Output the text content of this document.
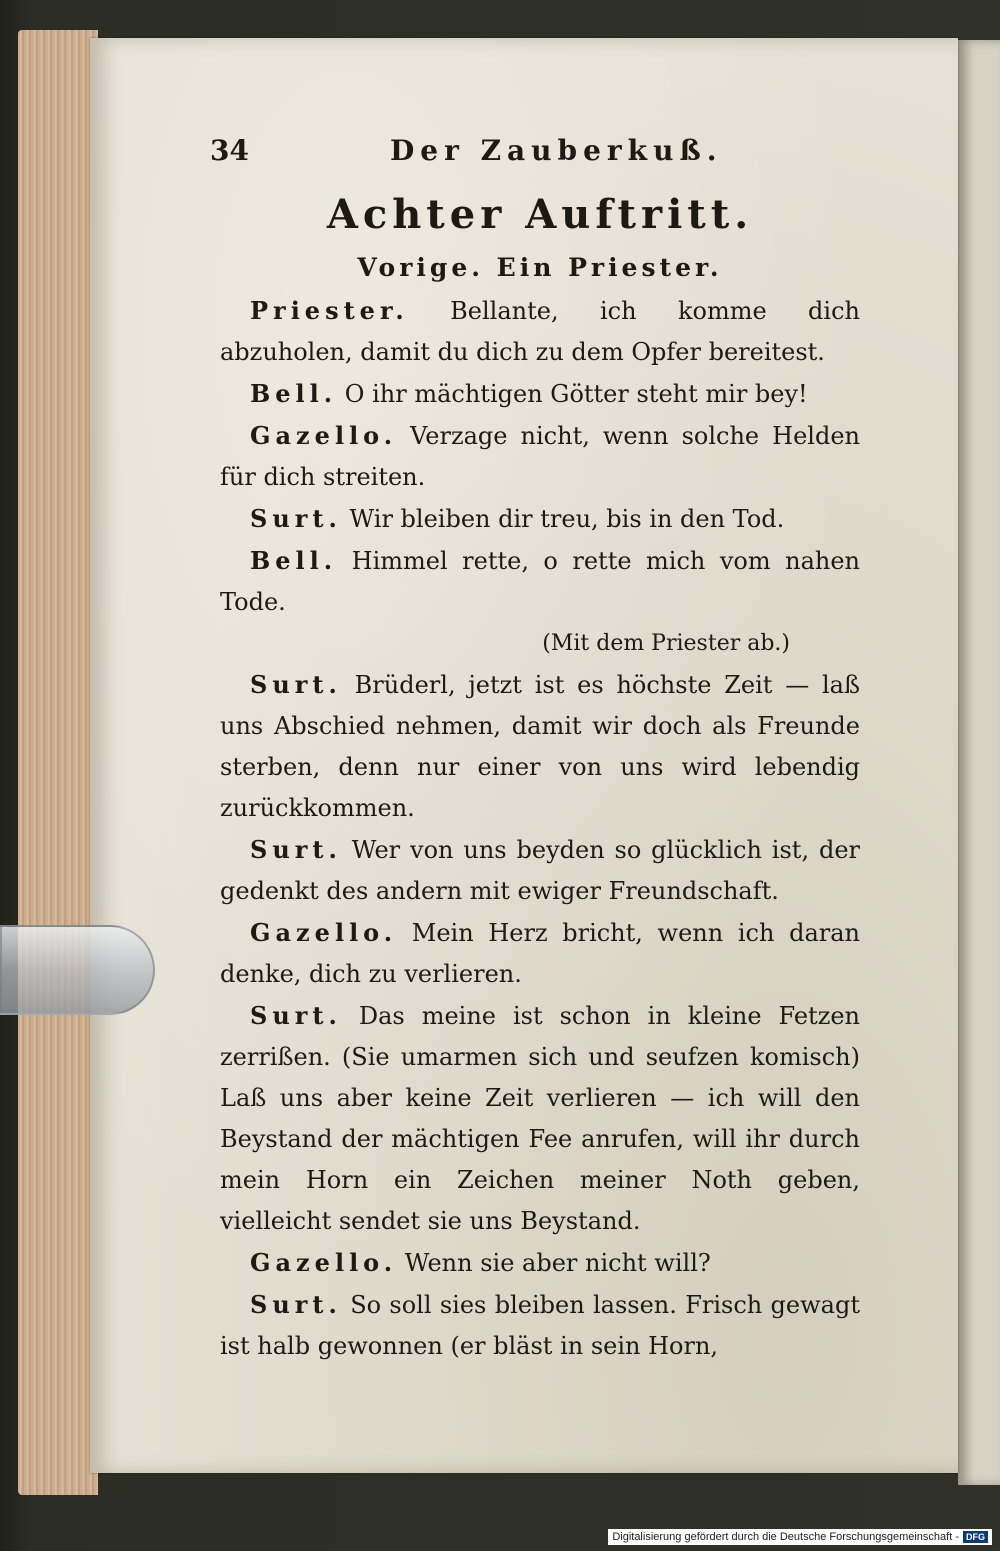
34	Der Zauberkuß.
Achter Auftritt.
Vorige. Ein Priester.

Priester. Bellante, ich komme dich abzuholen, damit du dich zu dem Opfer bereitest.

Bell. O ihr mächtigen Götter steht mir bey!

Gazello. Verzage nicht, wenn solche Helden für dich streiten.

Surt. Wir bleiben dir treu, bis in den Tod.

Bell. Himmel rette, o rette mich vom nahen Tode.

(Mit dem Priester ab.)

Surt. Brüderl, jetzt ist es höchste Zeit — laß uns Abschied nehmen, damit wir doch als Freunde sterben, denn nur einer von uns wird lebendig zurückkommen.

Surt. Wer von uns beyden so glücklich ist, der gedenkt des andern mit ewiger Freundschaft.

Gazello. Mein Herz bricht, wenn ich daran denke, dich zu verlieren.

Surt. Das meine ist schon in kleine Fetzen zerrißen. (Sie umarmen sich und seufzen komisch) Laß uns aber keine Zeit verlieren — ich will den Beystand der mächtigen Fee anrufen, will ihr durch mein Horn ein Zeichen meiner Noth geben, vielleicht sendet sie uns Beystand.

Gazello. Wenn sie aber nicht will?

Surt. So soll sies bleiben lassen. Frisch gewagt ist halb gewonnen (er bläst in sein Horn,

Digitalisierung gefördert durch die Deutsche Forschungsgemeinschaft - DFG
